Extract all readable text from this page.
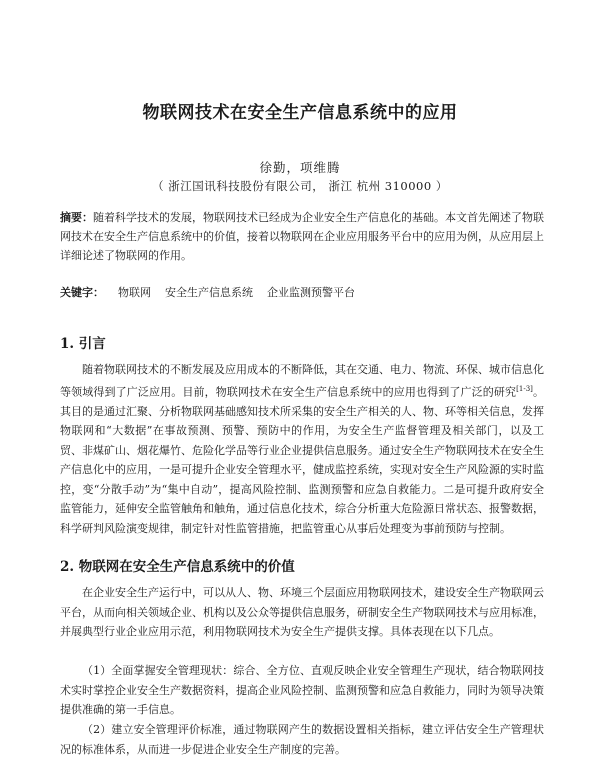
物联网技术在安全生产信息系统中的应用
徐勤，项维腾
（ 浙江国讯科技股份有限公司， 浙江 杭州 310000 ）
摘要：随着科学技术的发展，物联网技术已经成为企业安全生产信息化的基础。本文首先阐述了物联网技术在安全生产信息系统中的价值，接着以物联网在企业应用服务平台中的应用为例，从应用层上详细论述了物联网的作用。
关键字： 物联网 安全生产信息系统 企业监测预警平台
1. 引言
随着物联网技术的不断发展及应用成本的不断降低，其在交通、电力、物流、环保、城市信息化等领域得到了广泛应用。目前，物联网技术在安全生产信息系统中的应用也得到了广泛的研究[1-3]。其目的是通过汇聚、分析物联网基础感知技术所采集的安全生产相关的人、物、环等相关信息，发挥物联网和“大数据”在事故预测、预警、预防中的作用，为安全生产监督管理及相关部门，以及工贸、非煤矿山、烟花爆竹、危险化学品等行业企业提供信息服务。通过安全生产物联网技术在安全生产信息化中的应用，一是可提升企业安全管理水平，健成监控系统，实现对安全生产风险源的实时监控，变“分散手动”为“集中自动”，提高风险控制、监测预警和应急自救能力。二是可提升政府安全监管能力，延伸安全监管触角和触角，通过信息化技术，综合分析重大危险源日常状态、报警数据，科学研判风险演变规律，制定针对性监管措施，把监管重心从事后处理变为事前预防与控制。
2. 物联网在安全生产信息系统中的价值
在企业安全生产运行中，可以从人、物、环境三个层面应用物联网技术，建设安全生产物联网云平台，从而向相关领域企业、机构以及公众等提供信息服务，研制安全生产物联网技术与应用标准，并展典型行业企业应用示范，利用物联网技术为安全生产提供支撑。具体表现在以下几点。
（1）全面掌握安全管理现状：综合、全方位、直观反映企业安全管理生产现状，结合物联网技术实时掌控企业安全生产数据资料，提高企业风险控制、监测预警和应急自救能力，同时为领导决策提供准确的第一手信息。
（2）建立安全管理评价标准，通过物联网产生的数据设置相关指标，建立评估安全生产管理状况的标准体系，从而进一步促进企业安全生产制度的完善。
